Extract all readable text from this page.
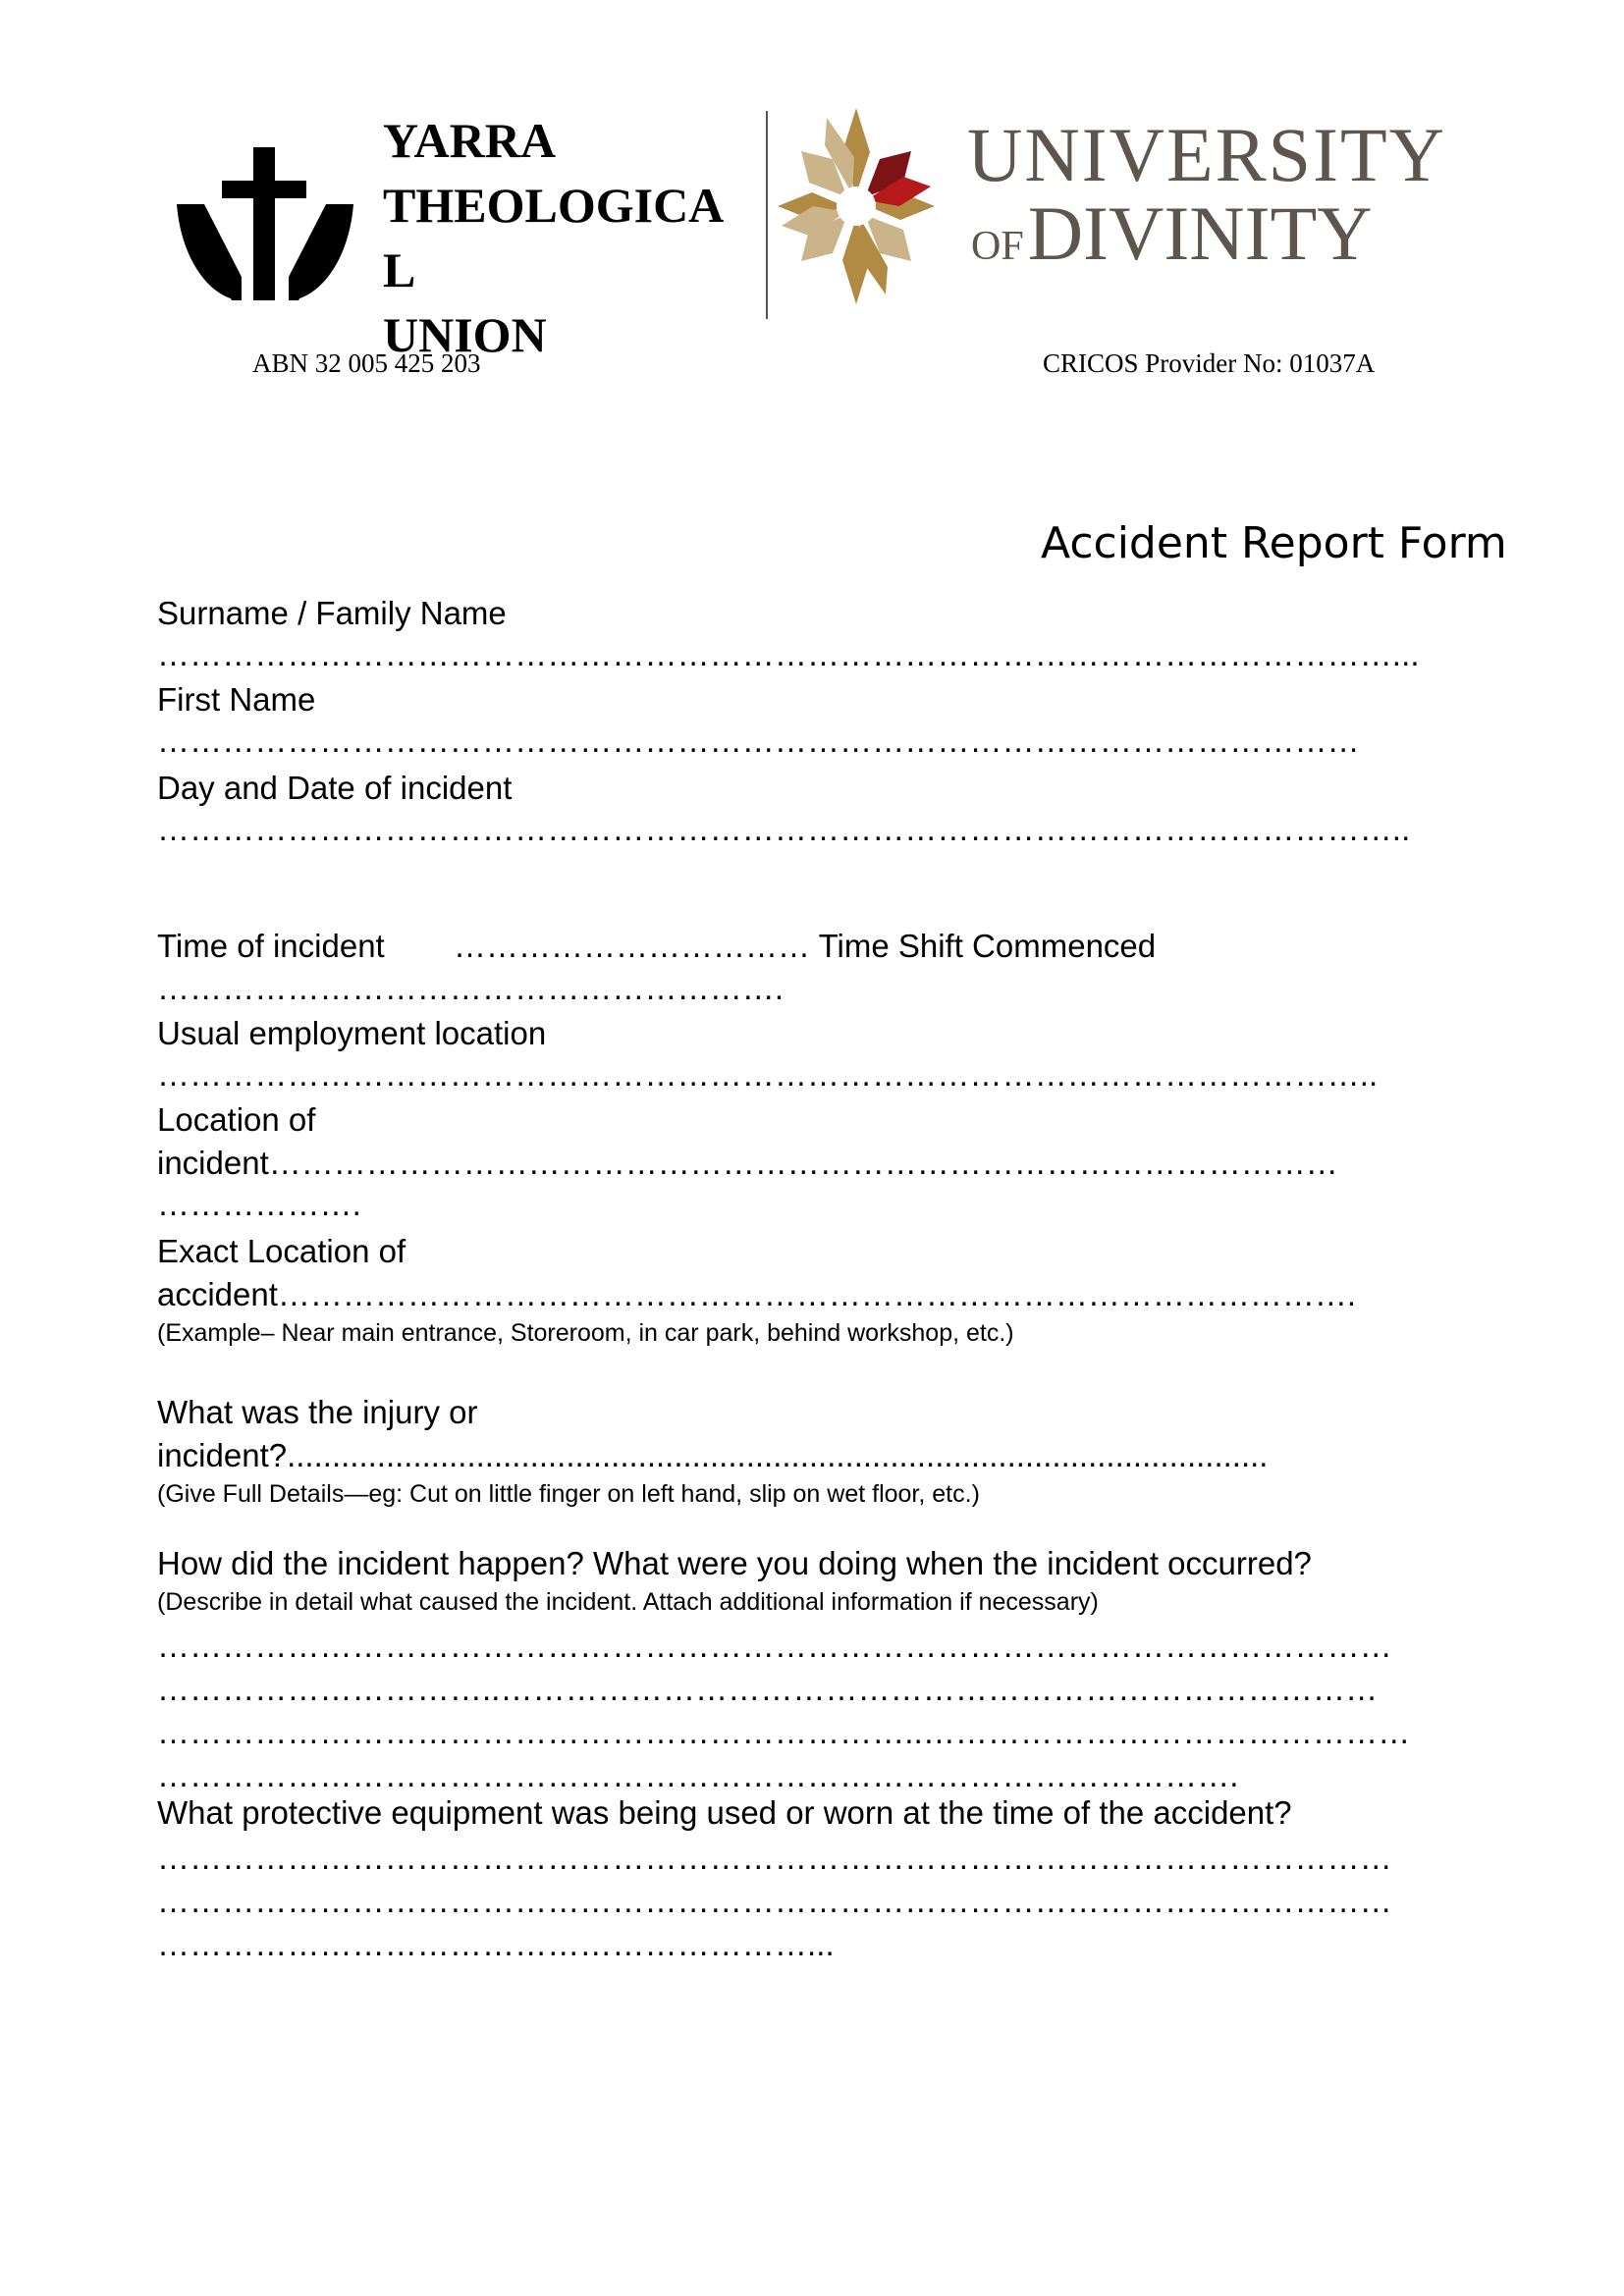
YARRA
THEOLOGICA
L
UNION
UNIVERSITY
OFDIVINITY
ABN 32 005 425 203	CRICOS Provider No: 01037A
Accident Report Form
Surname / Family Name
……………………………………………………………………………………………………...
First Name
…………………………………………………………………………………………………
Day and Date of incident
……………………………………………………………………………………………………..
Time of incident …………………………… Time Shift Commenced
………………………………………………….
Usual employment location
…………………………………………………………………………………………………..
Location of
incident………………………………………………………………………………………
……………….
Exact Location of
accident……………………………………………………………………………………….
(Example– Near main entrance, Storeroom, in car park, behind workshop, etc.)
What was the injury or
incident?.............................................................................................................
(Give Full Details—eg: Cut on little finger on left hand, slip on wet floor, etc.)
How did the incident happen? What were you doing when the incident occurred?
(Describe in detail what caused the incident. Attach additional information if necessary)
……………………………………………………………………………………………………
…………………………..………………………………………………………………………
……………………………………………………………..………………………………………
……………………………………………………………………………………….
What protective equipment was being used or worn at the time of the accident?
……………………………………………………………………………………………………
……………………………………………………………………………………………………
……………………………………………………...
